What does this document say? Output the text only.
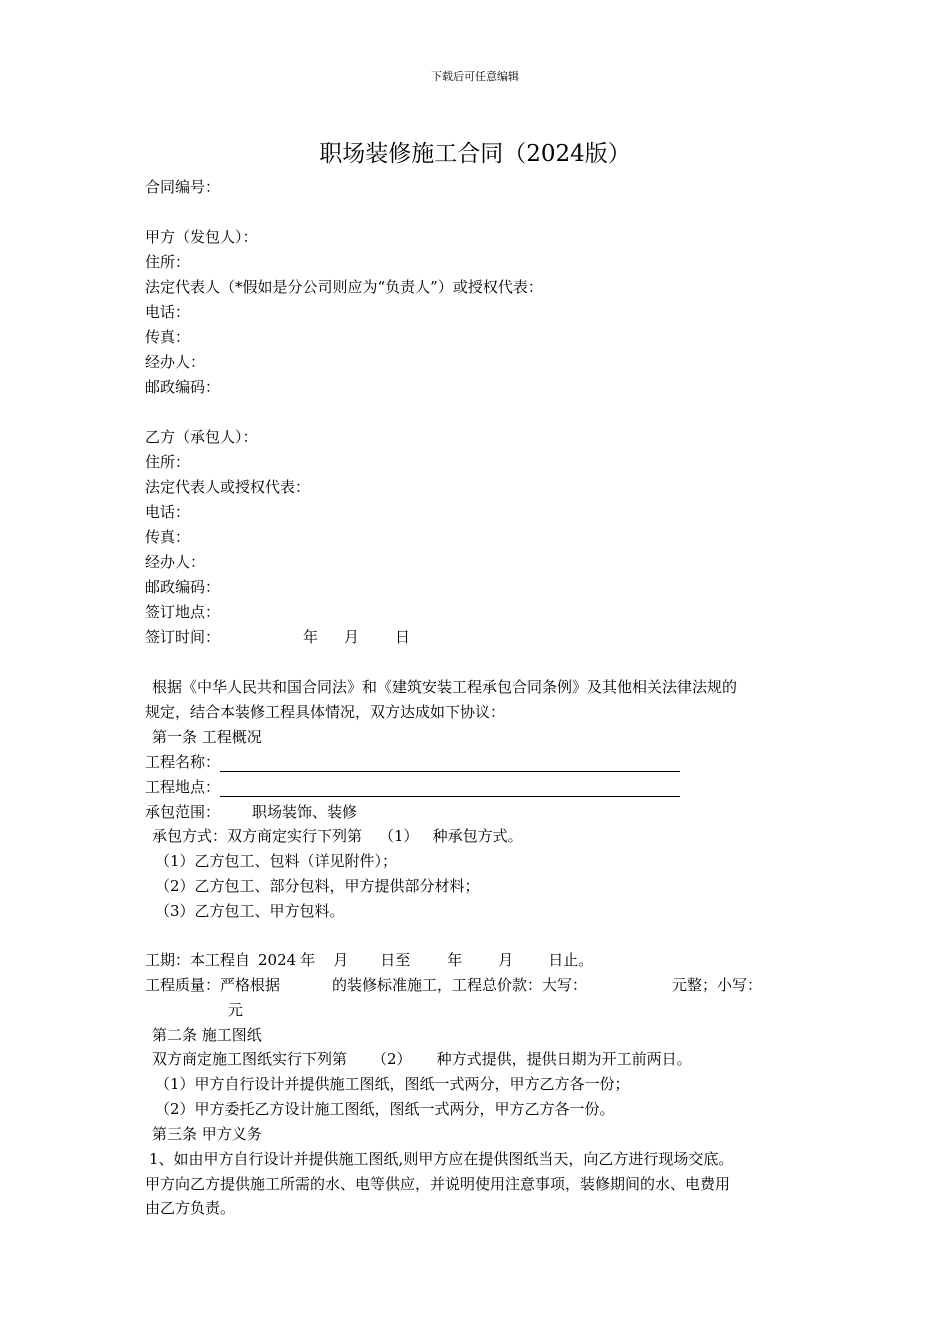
下载后可任意编辑
职场装修施工合同（2024版）
合同编号：
甲方（发包人）：
住所：
法定代表人（*假如是分公司则应为“负责人”）或授权代表：
电话：
传真：
经办人：
邮政编码：
乙方（承包人）：
住所：
法定代表人或授权代表：
电话：
传真：
经办人：
邮政编码：
签订地点：
签订时间：	年 月 日
根据《中华人民共和国合同法》和《建筑安装工程承包合同条例》及其他相关法律法规的
规定，结合本装修工程具体情况，双方达成如下协议：
第一条 工程概况
工程名称：
工程地点：
承包范围： 职场装饰、装修
承包方式：双方商定实行下列第 （1） 种承包方式。
（1）乙方包工、包料（详见附件）；
（2）乙方包工、部分包料，甲方提供部分材料；
（3）乙方包工、甲方包料。
工期：本工程自 2024 年 月 日至 年 月 日止。
工程质量：严格根据	的装修标准施工，工程总价款：大写：	元整；小写：
元
第二条 施工图纸
双方商定施工图纸实行下列第 （2） 种方式提供，提供日期为开工前两日。
（1）甲方自行设计并提供施工图纸，图纸一式两分，甲方乙方各一份；
（2）甲方委托乙方设计施工图纸，图纸一式两分，甲方乙方各一份。
第三条 甲方义务
1、如由甲方自行设计并提供施工图纸,则甲方应在提供图纸当天，向乙方进行现场交底。
甲方向乙方提供施工所需的水、电等供应，并说明使用注意事项，装修期间的水、电费用
由乙方负责。
